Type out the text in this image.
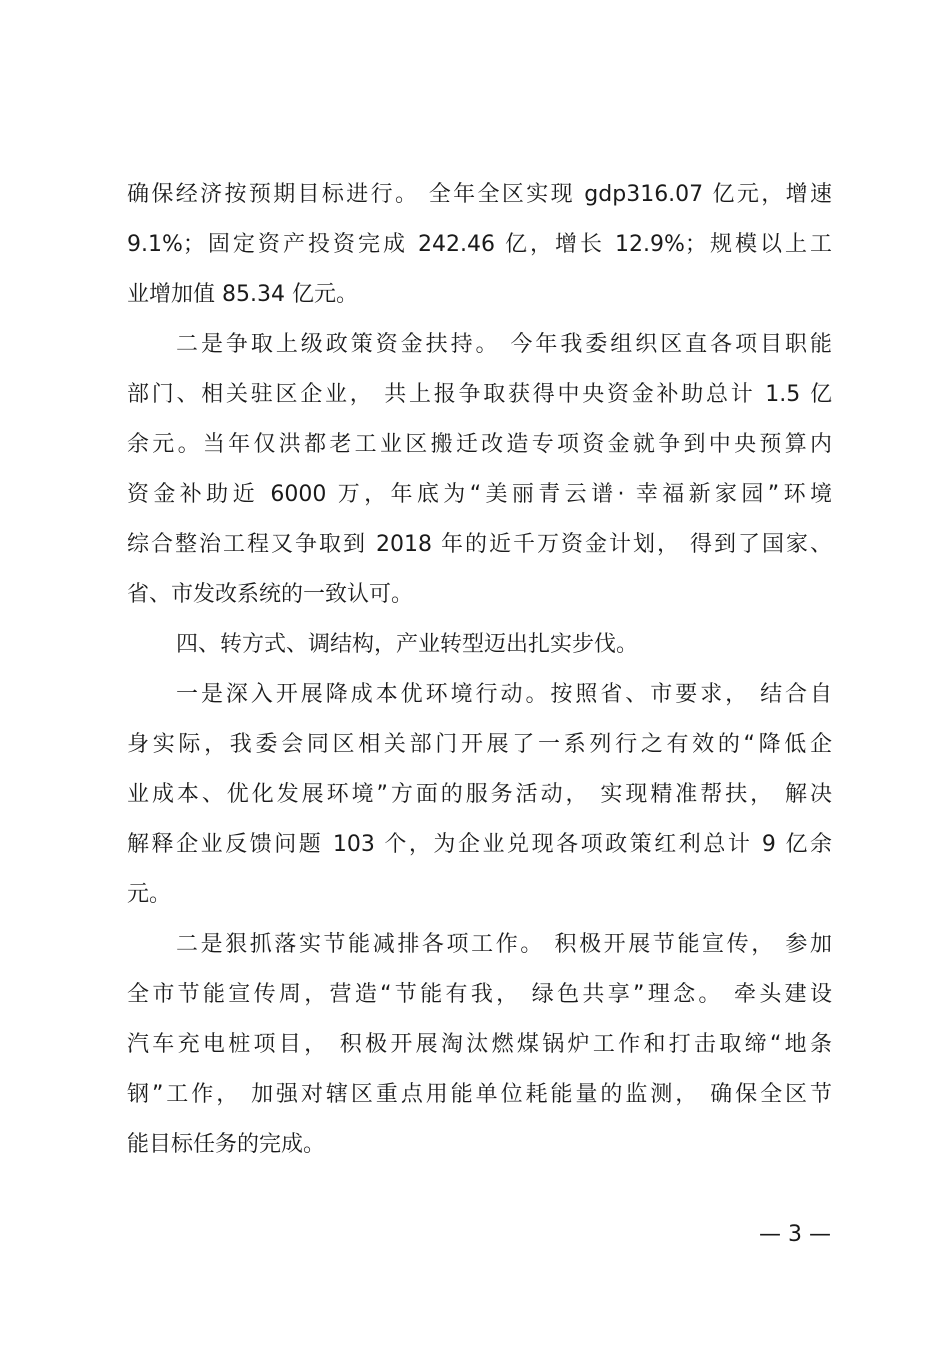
确保经济按预期目标进行。 全年全区实现 gdp316.07 亿元，增速
9.1%；固定资产投资完成 242.46 亿，增长 12.9%；规模以上工
业增加值 85.34 亿元。
二是争取上级政策资金扶持。 今年我委组织区直各项目职能
部门、相关驻区企业， 共上报争取获得中央资金补助总计 1.5 亿
余元。当年仅洪都老工业区搬迁改造专项资金就争到中央预算内
资金补助近 6000 万，年底为“美丽青云谱· 幸福新家园”环境
综合整治工程又争取到 2018 年的近千万资金计划， 得到了国家、
省、市发改系统的一致认可。
四、转方式、调结构，产业转型迈出扎实步伐。
一是深入开展降成本优环境行动。按照省、市要求， 结合自
身实际，我委会同区相关部门开展了一系列行之有效的“降低企
业成本、优化发展环境”方面的服务活动， 实现精准帮扶， 解决
解释企业反馈问题 103 个，为企业兑现各项政策红利总计 9 亿余
元。
二是狠抓落实节能减排各项工作。 积极开展节能宣传， 参加
全市节能宣传周，营造“节能有我， 绿色共享”理念。 牵头建设
汽车充电桩项目， 积极开展淘汰燃煤锅炉工作和打击取缔“地条
钢”工作， 加强对辖区重点用能单位耗能量的监测， 确保全区节
能目标任务的完成。
— 3 —
